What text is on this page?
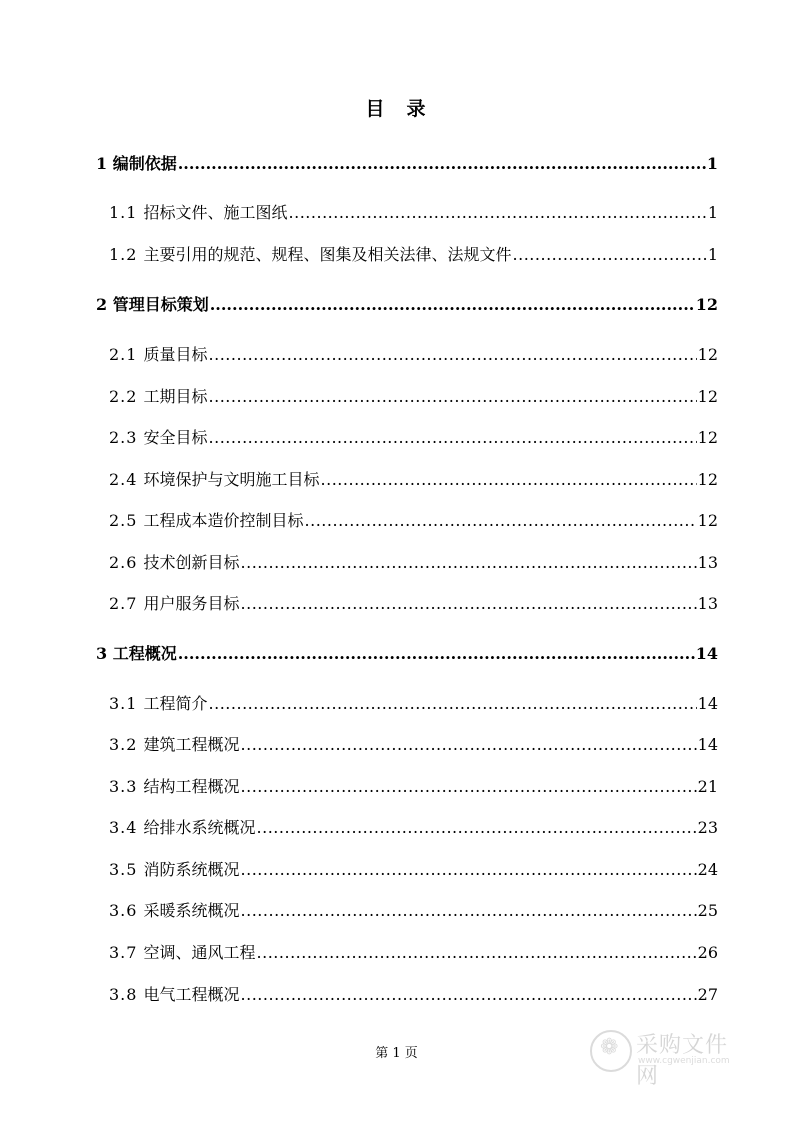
目 录
1 编制依据 .....	1
1.1 招标文件、施工图纸 .....	1
1.2 主要引用的规范、规程、图集及相关法律、法规文件 .....	1
2 管理目标策划 .....	12
2.1 质量目标 .....	12
2.2 工期目标 .....	12
2.3 安全目标 .....	12
2.4 环境保护与文明施工目标 .....	12
2.5 工程成本造价控制目标 .....	12
2.6 技术创新目标 .....	13
2.7 用户服务目标 .....	13
3 工程概况 .....	14
3.1 工程简介 .....	14
3.2 建筑工程概况 .....	14
3.3 结构工程概况 .....	21
3.4 给排水系统概况 .....	23
3.5 消防系统概况 .....	24
3.6 采暖系统概况 .....	25
3.7 空调、通风工程 .....	26
3.8 电气工程概况 .....	27
第 1 页 ❁	采购文件网
www.cgwenjian.com
